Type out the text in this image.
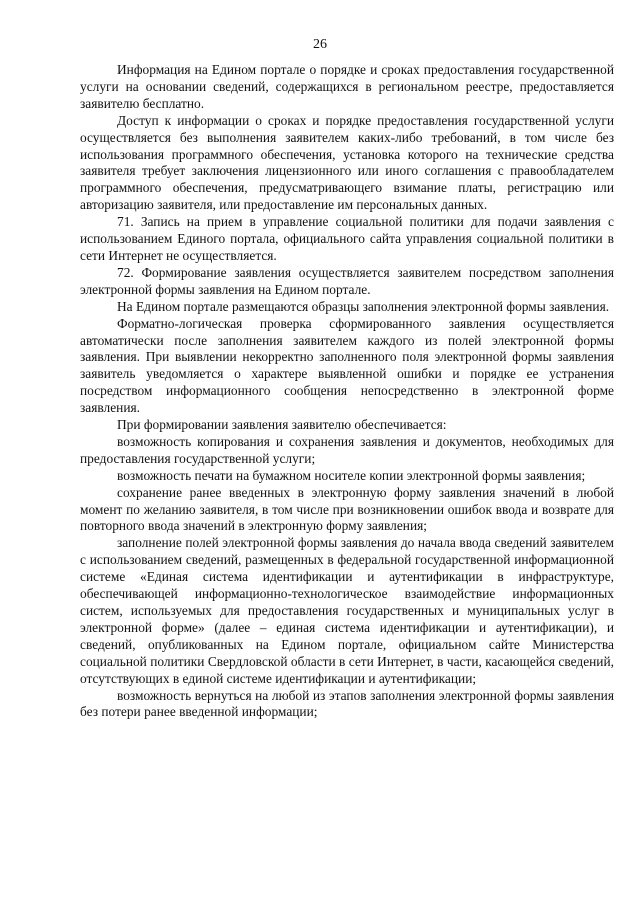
26

Информация на Едином портале о порядке и сроках предоставления государственной услуги на основании сведений, содержащихся в региональном реестре, предоставляется заявителю бесплатно.

Доступ к информации о сроках и порядке предоставления государственной услуги осуществляется без выполнения заявителем каких-либо требований, в том числе без использования программного обеспечения, установка которого на технические средства заявителя требует заключения лицензионного или иного соглашения с правообладателем программного обеспечения, предусматривающего взимание платы, регистрацию или авторизацию заявителя, или предоставление им персональных данных.

71. Запись на прием в управление социальной политики для подачи заявления с использованием Единого портала, официального сайта управления социальной политики в сети Интернет не осуществляется.

72. Формирование заявления осуществляется заявителем посредством заполнения электронной формы заявления на Едином портале.

На Едином портале размещаются образцы заполнения электронной формы заявления.

Форматно-логическая проверка сформированного заявления осуществляется автоматически после заполнения заявителем каждого из полей электронной формы заявления. При выявлении некорректно заполненного поля электронной формы заявления заявитель уведомляется о характере выявленной ошибки и порядке ее устранения посредством информационного сообщения непосредственно в электронной форме заявления.

При формировании заявления заявителю обеспечивается:

возможность копирования и сохранения заявления и документов, необходимых для предоставления государственной услуги;

возможность печати на бумажном носителе копии электронной формы заявления;

сохранение ранее введенных в электронную форму заявления значений в любой момент по желанию заявителя, в том числе при возникновении ошибок ввода и возврате для повторного ввода значений в электронную форму заявления;

заполнение полей электронной формы заявления до начала ввода сведений заявителем с использованием сведений, размещенных в федеральной государственной информационной системе «Единая система идентификации и аутентификации в инфраструктуре, обеспечивающей информационно-технологическое взаимодействие информационных систем, используемых для предоставления государственных и муниципальных услуг в электронной форме» (далее – единая система идентификации и аутентификации), и сведений, опубликованных на Едином портале, официальном сайте Министерства социальной политики Свердловской области в сети Интернет, в части, касающейся сведений, отсутствующих в единой системе идентификации и аутентификации;

возможность вернуться на любой из этапов заполнения электронной формы заявления без потери ранее введенной информации;
